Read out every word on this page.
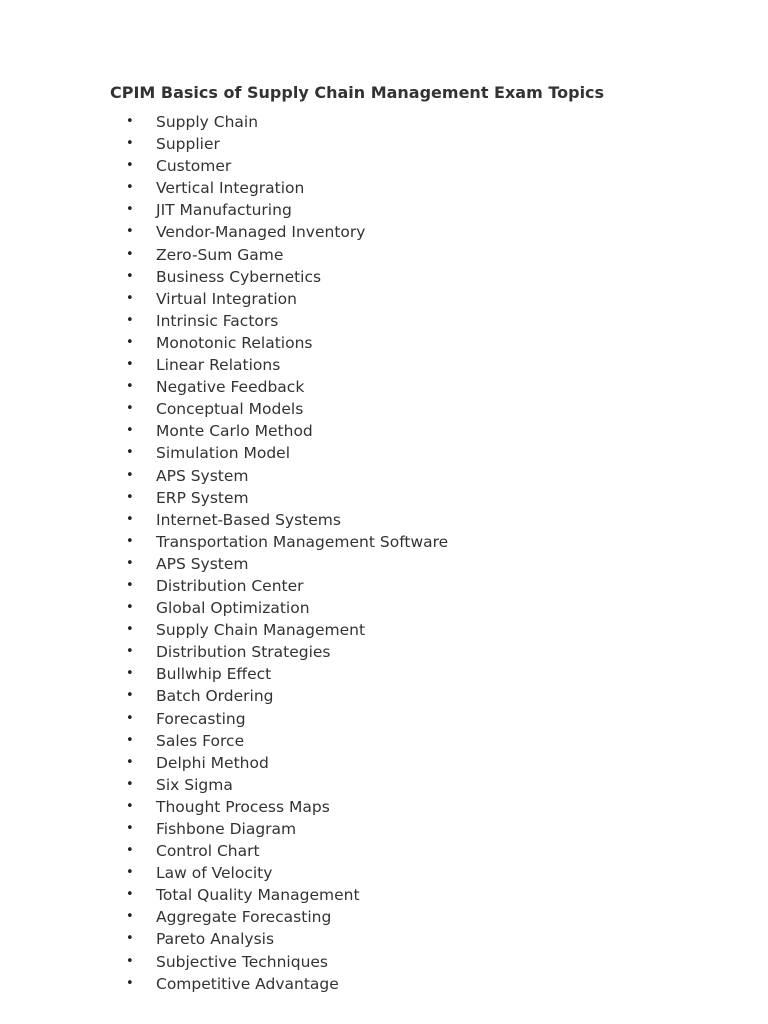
CPIM Basics of Supply Chain Management Exam Topics
• Supply Chain
• Supplier
• Customer
• Vertical Integration
• JIT Manufacturing
• Vendor-Managed Inventory
• Zero-Sum Game
• Business Cybernetics
• Virtual Integration
• Intrinsic Factors
• Monotonic Relations
• Linear Relations
• Negative Feedback
• Conceptual Models
• Monte Carlo Method
• Simulation Model
• APS System
• ERP System
• Internet-Based Systems
• Transportation Management Software
• APS System
• Distribution Center
• Global Optimization
• Supply Chain Management
• Distribution Strategies
• Bullwhip Effect
• Batch Ordering
• Forecasting
• Sales Force
• Delphi Method
• Six Sigma
• Thought Process Maps
• Fishbone Diagram
• Control Chart
• Law of Velocity
• Total Quality Management
• Aggregate Forecasting
• Pareto Analysis
• Subjective Techniques
• Competitive Advantage
